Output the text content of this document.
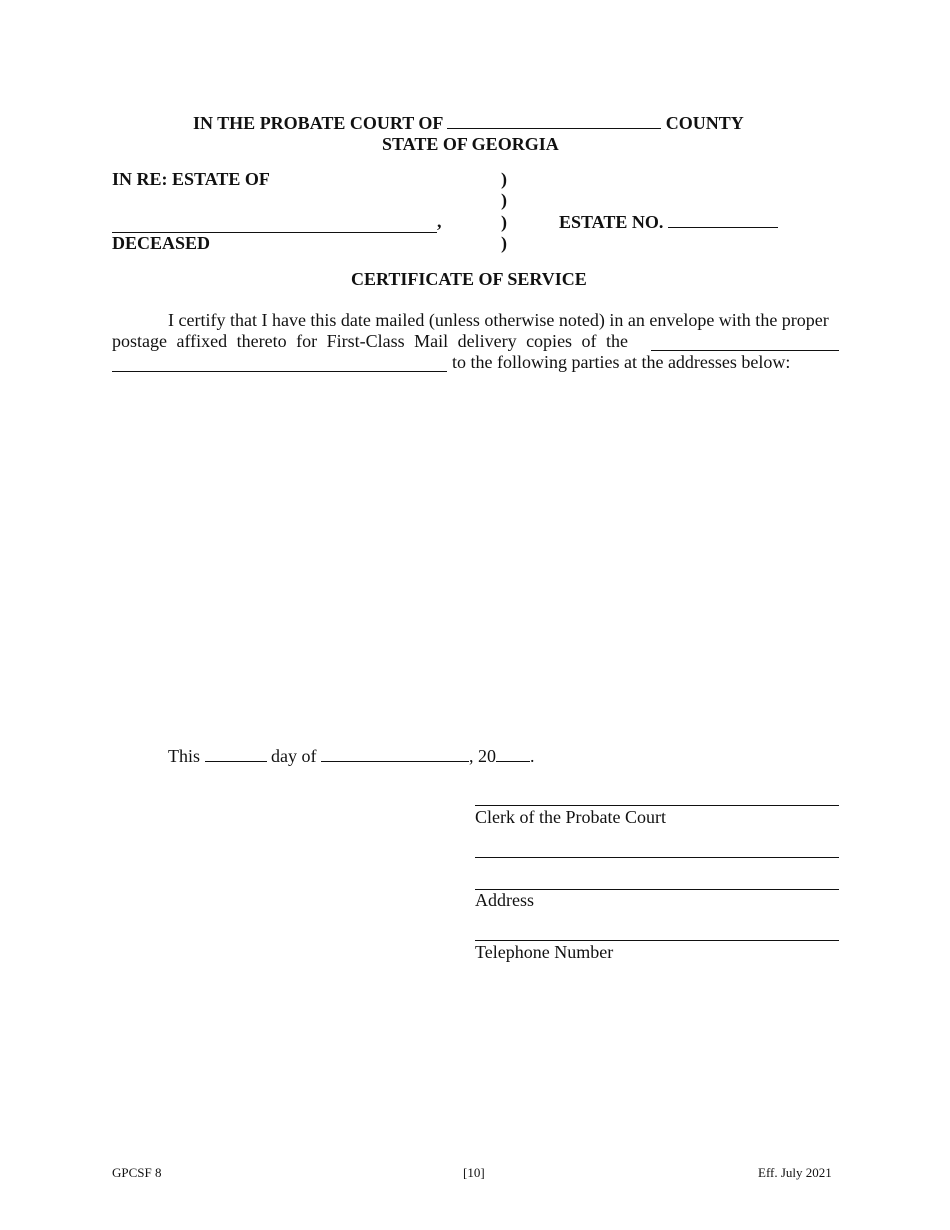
IN THE PROBATE COURT OF	COUNTY
STATE OF GEORGIA
IN RE: ESTATE OF
,
DECEASED
)
)
)
)
ESTATE NO.
CERTIFICATE OF SERVICE
I certify that I have this date mailed (unless otherwise noted) in an envelope with the proper
postage affixed thereto for First-Class Mail delivery copies of the
to the following parties at the addresses below:
This	day of	, 20 .
Clerk of the Probate Court
Address
Telephone Number
GPCSF 8	[10]	Eff. July 2021
